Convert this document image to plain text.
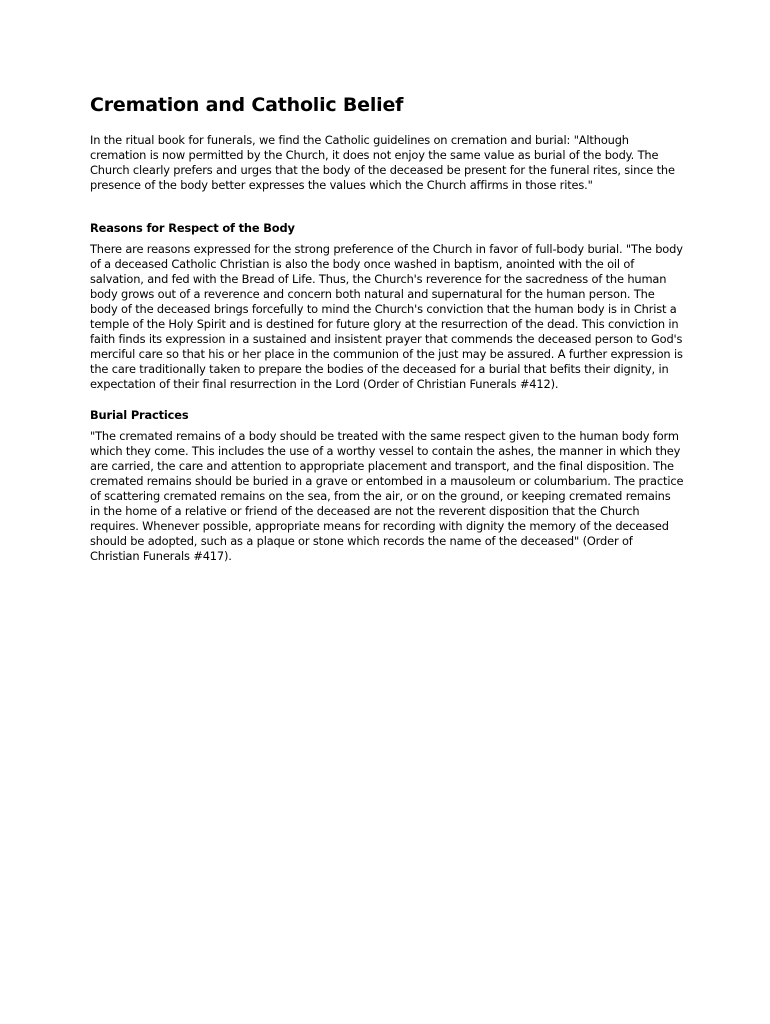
Cremation and Catholic Belief

In the ritual book for funerals, we find the Catholic guidelines on cremation and burial: "Although cremation is now permitted by the Church, it does not enjoy the same value as burial of the body. The Church clearly prefers and urges that the body of the deceased be present for the funeral rites, since the presence of the body better expresses the values which the Church affirms in those rites."

Reasons for Respect of the Body

There are reasons expressed for the strong preference of the Church in favor of full-body burial. "The body of a deceased Catholic Christian is also the body once washed in baptism, anointed with the oil of salvation, and fed with the Bread of Life. Thus, the Church's reverence for the sacredness of the human body grows out of a reverence and concern both natural and supernatural for the human person. The body of the deceased brings forcefully to mind the Church's conviction that the human body is in Christ a temple of the Holy Spirit and is destined for future glory at the resurrection of the dead. This conviction in faith finds its expression in a sustained and insistent prayer that commends the deceased person to God's merciful care so that his or her place in the communion of the just may be assured. A further expression is the care traditionally taken to prepare the bodies of the deceased for a burial that befits their dignity, in expectation of their final resurrection in the Lord (Order of Christian Funerals #412).

Burial Practices

"The cremated remains of a body should be treated with the same respect given to the human body form which they come. This includes the use of a worthy vessel to contain the ashes, the manner in which they are carried, the care and attention to appropriate placement and transport, and the final disposition. The cremated remains should be buried in a grave or entombed in a mausoleum or columbarium. The practice of scattering cremated remains on the sea, from the air, or on the ground, or keeping cremated remains in the home of a relative or friend of the deceased are not the reverent disposition that the Church requires. Whenever possible, appropriate means for recording with dignity the memory of the deceased should be adopted, such as a plaque or stone which records the name of the deceased" (Order of Christian Funerals #417).
